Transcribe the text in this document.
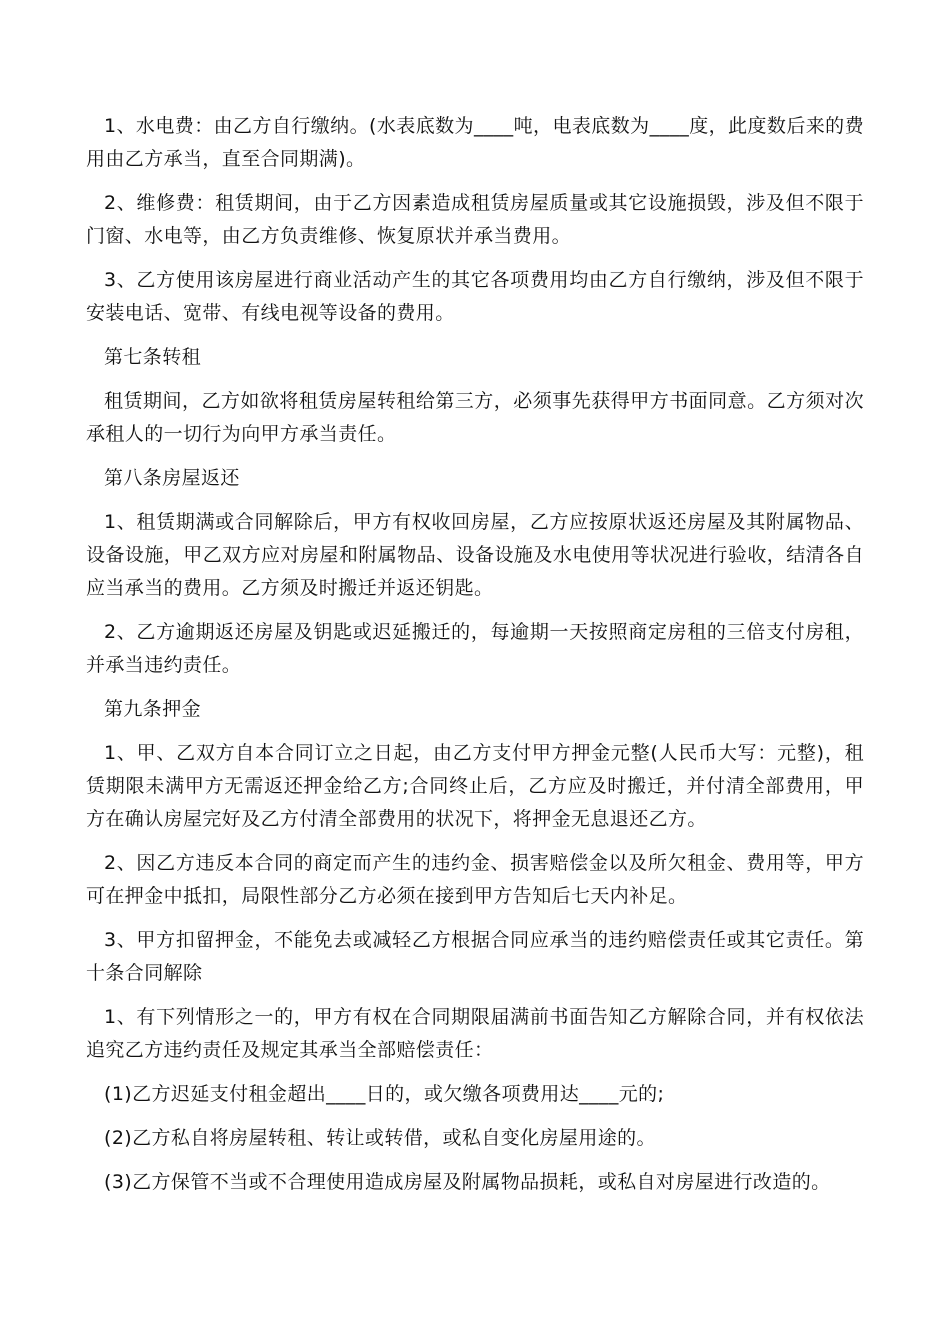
1、水电费：由乙方自行缴纳。(水表底数为____吨，电表底数为____度，此度数后来的费用由乙方承当，直至合同期满)。

2、维修费：租赁期间，由于乙方因素造成租赁房屋质量或其它设施损毁，涉及但不限于门窗、水电等，由乙方负责维修、恢复原状并承当费用。

3、乙方使用该房屋进行商业活动产生的其它各项费用均由乙方自行缴纳，涉及但不限于安装电话、宽带、有线电视等设备的费用。

第七条转租

租赁期间，乙方如欲将租赁房屋转租给第三方，必须事先获得甲方书面同意。乙方须对次承租人的一切行为向甲方承当责任。

第八条房屋返还

1、租赁期满或合同解除后，甲方有权收回房屋，乙方应按原状返还房屋及其附属物品、设备设施，甲乙双方应对房屋和附属物品、设备设施及水电使用等状况进行验收，结清各自应当承当的费用。乙方须及时搬迁并返还钥匙。

2、乙方逾期返还房屋及钥匙或迟延搬迁的，每逾期一天按照商定房租的三倍支付房租，并承当违约责任。

第九条押金

1、甲、乙双方自本合同订立之日起，由乙方支付甲方押金元整(人民币大写：元整)，租赁期限未满甲方无需返还押金给乙方;合同终止后，乙方应及时搬迁，并付清全部费用，甲方在确认房屋完好及乙方付清全部费用的状况下，将押金无息退还乙方。

2、因乙方违反本合同的商定而产生的违约金、损害赔偿金以及所欠租金、费用等，甲方可在押金中抵扣，局限性部分乙方必须在接到甲方告知后七天内补足。

3、甲方扣留押金，不能免去或减轻乙方根据合同应承当的违约赔偿责任或其它责任。第十条合同解除

1、有下列情形之一的，甲方有权在合同期限届满前书面告知乙方解除合同，并有权依法追究乙方违约责任及规定其承当全部赔偿责任：

(1)乙方迟延支付租金超出____日的，或欠缴各项费用达____元的;

(2)乙方私自将房屋转租、转让或转借，或私自变化房屋用途的。

(3)乙方保管不当或不合理使用造成房屋及附属物品损耗，或私自对房屋进行改造的。
